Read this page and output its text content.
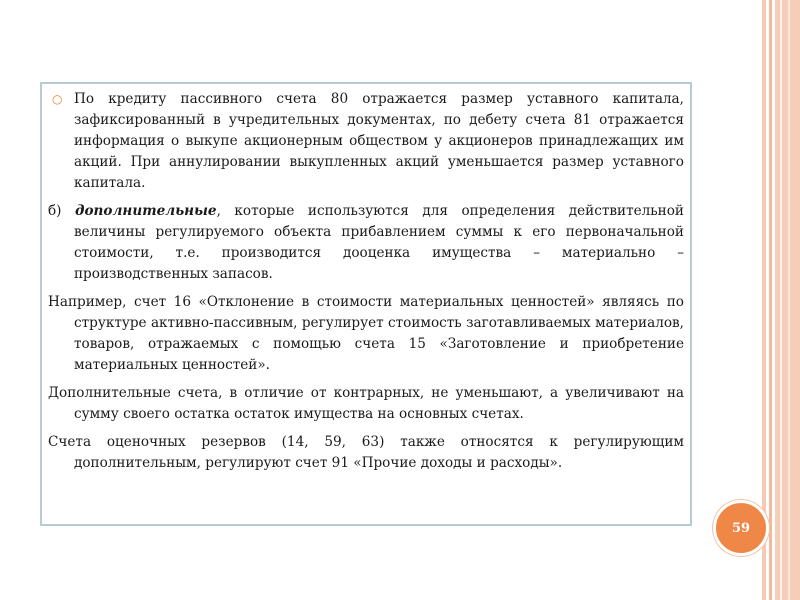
○ По кредиту пассивного счета 80 отражается размер уставного капитала, зафиксированный в учредительных документах, по дебету счета 81 отражается информация о выкупе акционерным обществом у акционеров принадлежащих им акций. При аннулировании выкупленных акций уменьшается размер уставного капитала.

б) дополнительные, которые используются для определения действительной величины регулируемого объекта прибавлением суммы к его первоначальной стоимости, т.е. производится дооценка имущества – материально – производственных запасов.

Например, счет 16 «Отклонение в стоимости материальных ценностей» являясь по структуре активно-пассивным, регулирует стоимость заготавливаемых материалов, товаров, отражаемых с помощью счета 15 «Заготовление и приобретение материальных ценностей».

Дополнительные счета, в отличие от контрарных, не уменьшают, а увеличивают на сумму своего остатка остаток имущества на основных счетах.

Счета оценочных резервов (14, 59, 63) также относятся к регулирующим дополнительным, регулируют счет 91 «Прочие доходы и расходы».

59
